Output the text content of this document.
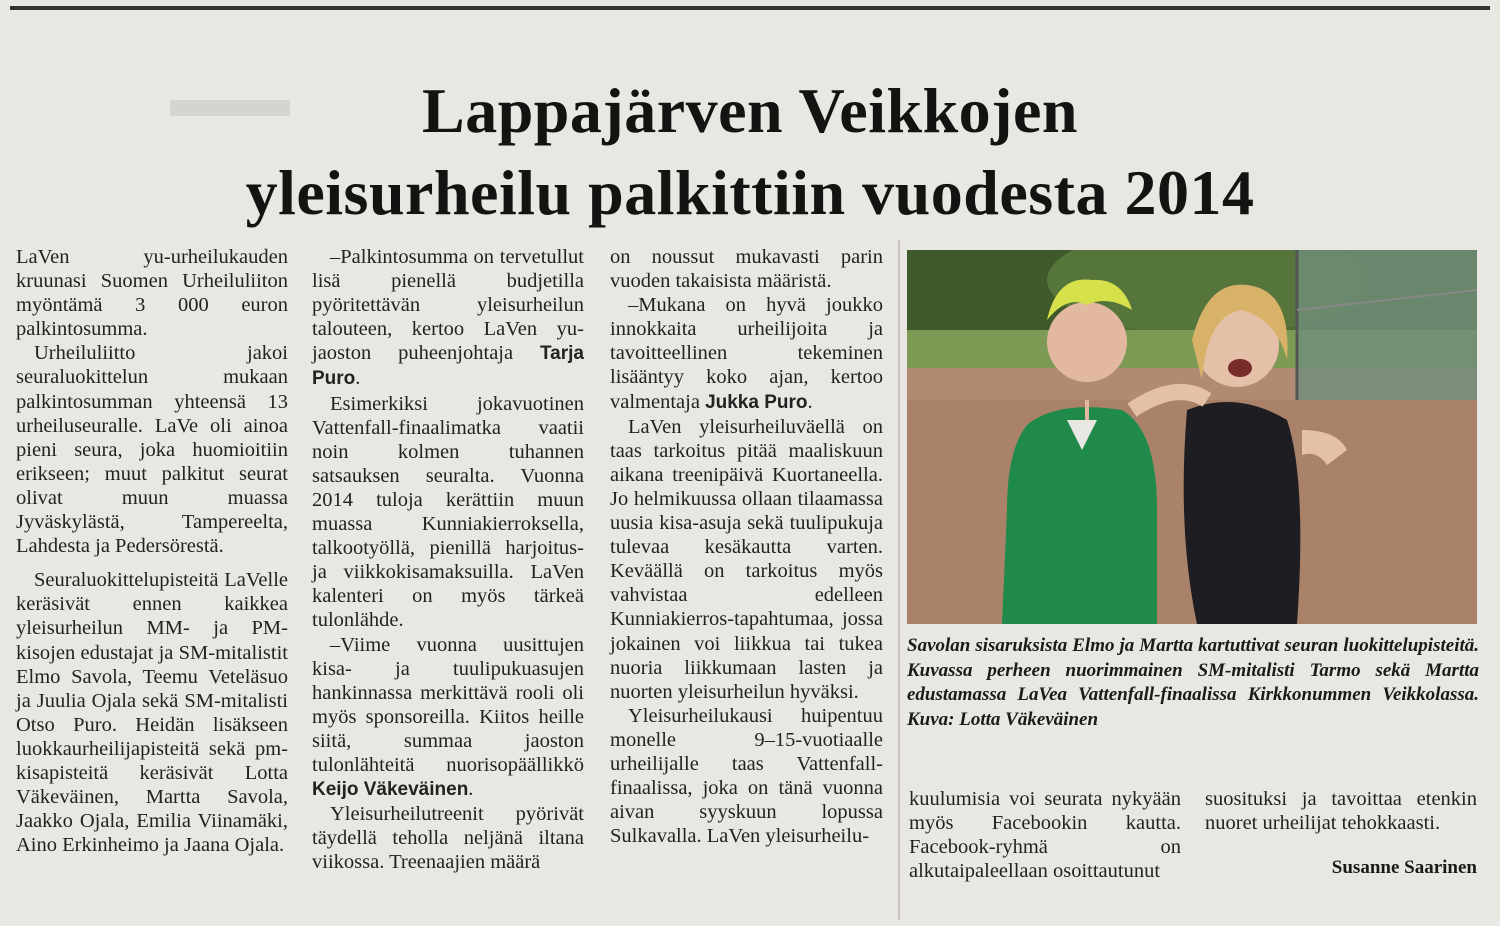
Lappajärven Veikkojen
yleisurheilu palkittiin vuodesta 2014

LaVen yu-urheilukauden kruunasi Suomen Urheiluliiton myöntämä 3 000 euron palkintosumma.

Urheiluliitto jakoi seuraluokittelun mukaan palkintosumman yhteensä 13 urheiluseuralle. LaVe oli ainoa pieni seura, joka huomioitiin erikseen; muut palkitut seurat olivat muun muassa Jyväskylästä, Tampereelta, Lahdesta ja Pedersörestä.

Seuraluokittelupisteitä LaVelle keräsivät ennen kaikkea yleisurheilun MM- ja PM-kisojen edustajat ja SM-mitalistit Elmo Savola, Teemu Veteläsuo ja Juulia Ojala sekä SM-mitalisti Otso Puro. Heidän lisäkseen luokkaurheilijapisteitä sekä pm-kisapisteitä keräsivät Lotta Väkeväinen, Martta Savola, Jaakko Ojala, Emilia Viinamäki, Aino Erkinheimo ja Jaana Ojala.

–Palkintosumma on tervetullut lisä pienellä budjetilla pyöritettävän yleisurheilun talouteen, kertoo LaVen yu-jaoston puheenjohtaja Tarja Puro.

Esimerkiksi jokavuotinen Vattenfall-finaalimatka vaatii noin kolmen tuhannen satsauksen seuralta. Vuonna 2014 tuloja kerättiin muun muassa Kunniakierroksella, talkootyöllä, pienillä harjoitus- ja viikkokisamaksuilla. LaVen kalenteri on myös tärkeä tulonlähde.

–Viime vuonna uusittujen kisa- ja tuulipukuasujen hankinnassa merkittävä rooli oli myös sponsoreilla. Kiitos heille siitä, summaa jaoston tulonlähteitä nuorisopäällikkö Keijo Väkeväinen.

Yleisurheilutreenit pyörivät täydellä teholla neljänä iltana viikossa. Treenaajien määrä

on noussut mukavasti parin vuoden takaisista määristä.

–Mukana on hyvä joukko innokkaita urheilijoita ja tavoitteellinen tekeminen lisääntyy koko ajan, kertoo valmentaja Jukka Puro.

LaVen yleisurheiluväellä on taas tarkoitus pitää maaliskuun aikana treenipäivä Kuortaneella. Jo helmikuussa ollaan tilaamassa uusia kisa-asuja sekä tuulipukuja tulevaa kesäkautta varten. Keväällä on tarkoitus myös vahvistaa edelleen Kunniakierros-tapahtumaa, jossa jokainen voi liikkua tai tukea nuoria liikkumaan lasten ja nuorten yleisurheilun hyväksi.

Yleisurheilukausi huipentuu monelle 9–15-vuotiaalle urheilijalle taas Vattenfall-finaalissa, joka on tänä vuonna aivan syyskuun lopussa Sulkavalla. LaVen yleisurheilu-

Savolan sisaruksista Elmo ja Martta kartuttivat seuran luokittelupisteitä. Kuvassa perheen nuorimmainen SM-mitalisti Tarmo sekä Martta edustamassa LaVea Vattenfall-finaalissa Kirkkonummen Veikkolassa. Kuva: Lotta Väkeväinen

kuulumisia voi seurata nykyään myös Facebookin kautta. Facebook-ryhmä on alkutaipaleellaan osoittautunut

suosituksi ja tavoittaa etenkin nuoret urheilijat tehokkaasti.

Susanne Saarinen
